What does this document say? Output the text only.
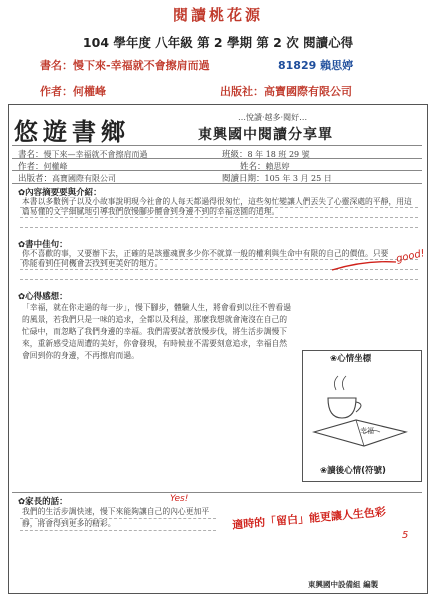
閱讀桃花源
104 學年度 八年級 第 2 學期 第 2 次 閱讀心得
書名：慢下來-幸福就不會擦肩而過	81829 賴思婷
作者：何權峰	出版社：高寶國際有限公司
悠遊書鄉	…悅讀‧越多‧閱好…
東興國中閱讀分享單
書名：慢下來—幸福就不會擦肩而過	班級：8 年 18 班 29 號
作者：何權峰	姓名：賴思婷
出版者：高寶國際有限公司	閱讀日期：105 年 3 月 25 日
✿內容摘要要與介紹：
本書以多數例子以及小故事說明現今社會的人每天都過得很匆忙，這些匆忙變讓人們丟失了心靈深處的平靜，用這篇易懂的文字細膩地引導我們放慢腳步體會到身邊不到的幸福送園的道理。
✿書中佳句：
你不喜歡的事，又要辦下去，正確的是該靈魂賣多少你不就算一般的權利與生命中有限的自己的價值。只要你能看到任何機會去找到更美好的地方。	good!
✿心得感想：
「幸福，就在你走過的每一步」，慢下腳步，體驗人生，將會看到以往不曾看過的風景，若我們只是一味的追求，全都以及利益，那麼我想就會淹沒在自己的忙碌中，而忽略了我們身邊的幸福。我們需要試著放慢步伐，將生活步調慢下來，重新感受這周遭的美好，你會發現，有時候並不需要刻意追求，幸福自然會回到你的身邊，不再擦肩而過。	❀心情坐標
幸福
❀讀後心情(符號)
✿家長的話：	Yes!
我們的生活步調快速，慢下來能夠讓自己的內心更加平靜，將會得到更多的精彩。	適時的「留白」能更讓人生色彩
5
東興國中設備組 編製
